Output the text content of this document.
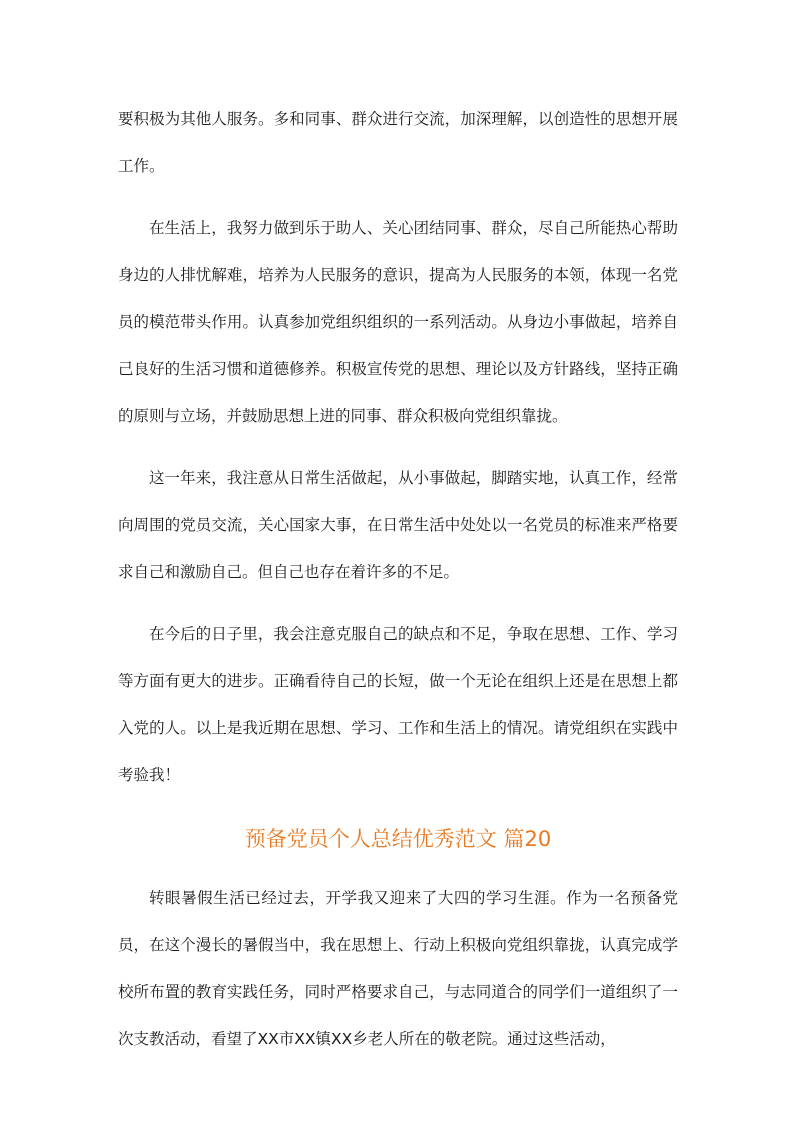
要积极为其他人服务。多和同事、群众进行交流，加深理解，以创造性的思想开展工作。

在生活上，我努力做到乐于助人、关心团结同事、群众，尽自己所能热心帮助身边的人排忧解难，培养为人民服务的意识，提高为人民服务的本领，体现一名党员的模范带头作用。认真参加党组织组织的一系列活动。从身边小事做起，培养自己良好的生活习惯和道德修养。积极宣传党的思想、理论以及方针路线，坚持正确的原则与立场，并鼓励思想上进的同事、群众积极向党组织靠拢。

这一年来，我注意从日常生活做起，从小事做起，脚踏实地，认真工作，经常向周围的党员交流，关心国家大事，在日常生活中处处以一名党员的标准来严格要求自己和激励自己。但自己也存在着许多的不足。

在今后的日子里，我会注意克服自己的缺点和不足，争取在思想、工作、学习等方面有更大的进步。正确看待自己的长短，做一个无论在组织上还是在思想上都入党的人。以上是我近期在思想、学习、工作和生活上的情况。请党组织在实践中考验我！

预备党员个人总结优秀范文 篇20

转眼暑假生活已经过去，开学我又迎来了大四的学习生涯。作为一名预备党员，在这个漫长的暑假当中，我在思想上、行动上积极向党组织靠拢，认真完成学校所布置的教育实践任务，同时严格要求自己，与志同道合的同学们一道组织了一次支教活动，看望了XX市XX镇XX乡老人所在的敬老院。通过这些活动，
